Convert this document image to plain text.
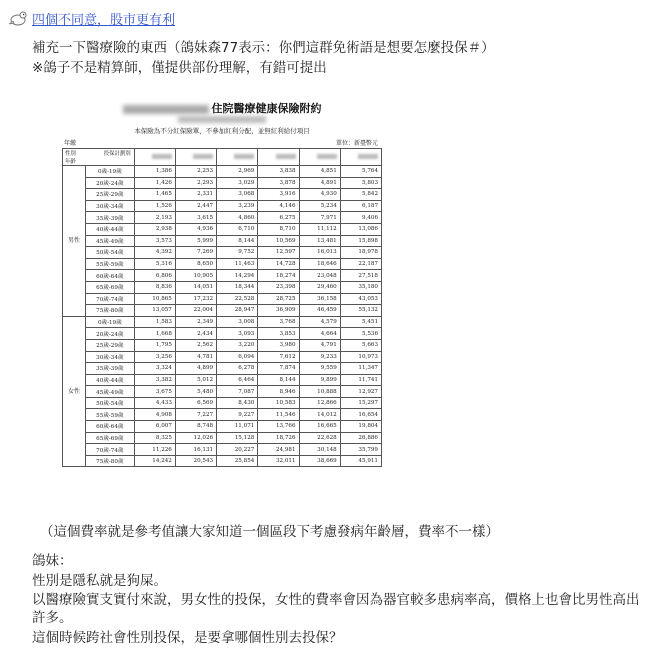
四個不同意，股市更有利
補充一下醫療險的東西（鴿妹森77表示：你們這群免術語是想要怎麼投保＃）
※鴿子不是精算師，僅提供部份理解，有錯可提出
住院醫療健康保險附約
本保險為不分紅保險單，不參加紅利分配，並無紅利給付項目
年繳	單位：新臺幣元
性別 投保計劃別
年齡							

男性	0歲-19歲	1,386	2,253	2,969	3,838	4,851	5,764
	20歲-24歲	1,426	2,293	3,029	3,878	4,891	5,803
	25歲-29歲	1,465	2,331	3,068	3,916	4,930	5,842
	30歲-34歲	1,526	2,447	3,239	4,146	5,234	6,187
	35歲-39歲	2,193	3,615	4,860	6,275	7,971	9,406
	40歲-44歲	2,938	4,936	6,710	8,710	11,112	13,086
	45歲-49歲	3,573	5,999	8,144	10,569	13,481	15,898
	50歲-54歲	4,392	7,269	9,752	12,597	16,013	18,978
	55歲-59歲	5,316	8,650	11,463	14,728	18,646	22,187
	60歲-64歲	6,806	10,905	14,294	18,274	23,048	27,518
	65歲-69歲	8,836	14,051	18,344	23,398	29,460	35,180
	70歲-74歲	10,865	17,232	22,528	28,725	36,158	43,053
	75歲-80歲	13,057	22,004	28,947	36,909	46,459	55,132
女性	0歲-19歲	1,583	2,349	3,008	3,768	4,579	5,451
	20歲-24歲	1,668	2,434	3,093	3,853	4,664	5,536
	25歲-29歲	1,795	2,562	3,220	3,980	4,791	5,663
	30歲-34歲	3,256	4,781	6,094	7,612	9,233	10,973
	35歲-39歲	3,324	4,899	6,278	7,874	9,559	11,347
	40歲-44歲	3,382	5,012	6,464	8,144	9,899	11,741
	45歲-49歲	3,675	5,480	7,087	8,946	10,888	12,927
	50歲-54歲	4,433	6,569	8,430	10,583	12,866	15,297
	55歲-59歲	4,908	7,227	9,227	11,546	14,012	16,654
	60歲-64歲	6,007	8,748	11,071	13,766	16,665	19,804
	65歲-69歲	8,325	12,026	15,128	18,726	22,628	26,886
	70歲-74歲	11,226	16,131	20,227	24,981	30,148	35,799
	75歲-80歲	14,242	20,543	25,854	32,011	38,669	45,911
（這個費率就是參考值讓大家知道一個區段下考慮發病年齡層，費率不一樣）
鴿妹：
性別是隱私就是狗屎。
以醫療險實支實付來說，男女性的投保，女性的費率會因為器官較多患病率高，價格上也會比男性高出
許多。
這個時候跨社會性別投保，是要拿哪個性別去投保？
